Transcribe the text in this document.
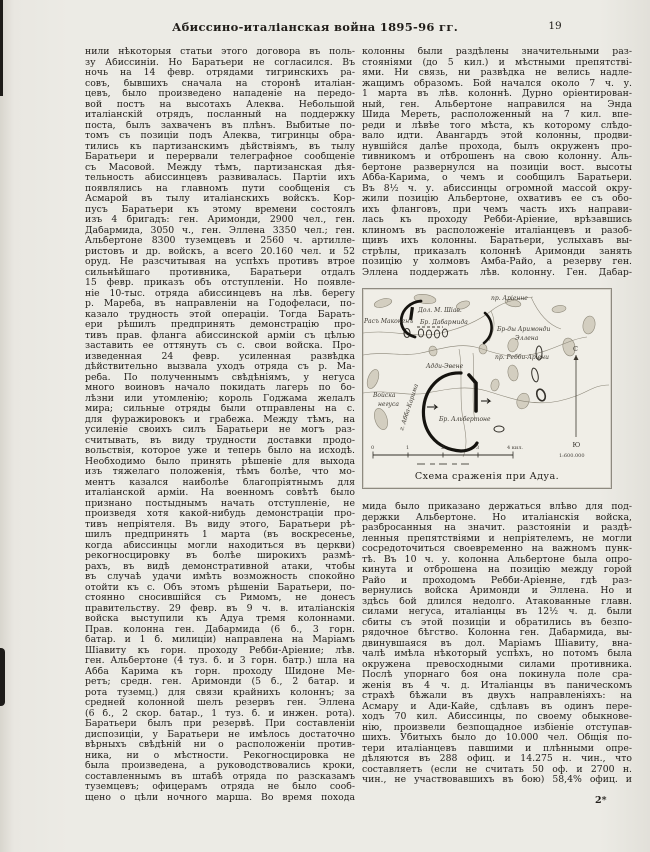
Абиссино-италіанская война 1895-96 гг.	19
нили нѣкоторыя статьи этого договора въ поль-
зу Абиссиніи. Но Баратьери не согласился. Въ
ночь на 14 февр. отрядами тигринскихъ ра-
совъ, бывшихъ сначала на сторонѣ италіан-
цевъ, было произведено нападеніе на передо-
вой постъ на высотахъ Алеква. Небольшой
италіанскій отрядъ, посланный на поддержку
поста, былъ захваченъ въ плѣнъ. Выбитые по-
томъ съ позиціи подъ Алеква, тигринцы обра-
тились къ партизанскимъ дѣйствіямъ, въ тылу
Баратьери и перервали телеграфное сообщеніе
съ Масовой. Между тѣмъ, партизанская дѣя-
тельность абиссинцевъ развивалась. Партіи ихъ
появлялись на главномъ пути сообщенія съ
Асмарой въ тылу италіанскихъ войскъ. Кор-
пусъ Баратьери къ этому времени состоялъ
изъ 4 бригадъ: ген. Аримонди, 2900 чел., ген.
Дабармида, 3050 ч., ген. Эллена 3350 чел.; ген.
Альбертоне 8300 туземцевъ и 2560 ч. артилле-
ристовъ и др. войскъ, а всего 20.160 чел. и 52
оруд. Не разсчитывая на успѣхъ противъ втрое
сильнѣйшаго противника, Баратьери отдалъ
15 февр. приказъ объ отступленіи. Но появле-
ніе 10-тыс. отряда абиссинцевъ на лѣв. берегу
р. Мареба, въ направленіи на Годофеласи, по-
казало трудность этой операціи. Тогда Барать-
ери рѣшилъ предпринять демонстрацію про-
тивъ прав. фланга абиссинской арміи съ цѣлью
заставить ее оттянуть съ с. свои войска. Про-
изведенная 24 февр. усиленная развѣдка
дѣйствительно вызвала уходъ отряда съ р. Ма-
реба. По полученнымъ свѣдѣніямъ, у негуса
много воиновъ начало покидать лагерь по бо-
лѣзни или утомленію; король Годжама желалъ
мира; сильные отряды были отправлены на с.
для фуражировокъ и грабежа. Между тѣмъ, на
усиленіе своихъ силъ Баратьери не могъ раз-
считывать, въ виду трудности доставки продо-
вольствія, которое уже и теперь было на исходѣ.
Необходимо было принять рѣшеніе для выхода
изъ тяжелаго положенія, тѣмъ болѣе, что мо-
ментъ казался наиболѣе благопріятнымъ для
италіанской арміи. На военномъ совѣтѣ было
признано постыднымъ начать отступленіе, не
произведя хотя какой-нибудь демонстраціи про-
тивъ непріятеля. Въ виду этого, Баратьери рѣ-
шилъ предпринять 1 марта (въ воскресенье,
когда абиссинцы могли находиться въ церкви)
рекогносцировку въ болѣе широкихъ размѣ-
рахъ, въ видѣ демонстративной атаки, чтобы
въ случаѣ удачи имѣть возможность спокойно
отойти къ с. Объ этомъ рѣшеніи Баратьери, по-
стоянно сносившійся съ Римомъ, не донесъ
правительству. 29 февр. въ 9 ч. в. италіанскія
войска выступили къ Адуа тремя колоннами.
Прав. колонна ген. Дабармида (6 б., 3 горн.
батар. и 1 б. милиціи) направлена на Маріамъ
Шіавиту къ горн. проходу Ребби-Аріение; лѣв.
ген. Альбертоне (4 туз. б. и 3 горн. батр.) шла на
Абба Карима къ горн. проходу Шидоне Ме-
ретъ; средн. ген. Аримонди (5 б., 2 батар. и
рота туземц.) для связи крайнихъ колоннъ; за
средней колонной шелъ резервъ ген. Эллена
(6 б., 2 скор. батар., 1 туз. б. и инжен. рота).
Баратьери былъ при резервѣ. При составленіи
диспозиціи, у Баратьери не имѣлось достаточно
вѣрныхъ свѣдѣній ни о расположеніи против-
ника, ни о мѣстности. Рекогносцировка не
была произведена, а руководствовались кроки,
составленнымъ въ штабѣ отряда по разсказамъ
туземцевъ; офицерамъ отряда не было сооб-
щено о цѣли ночного марша. Во время похода
колонны были раздѣлены значительными раз-
стояніями (до 5 кил.) и мѣстными препятстві-
ями. Ни связь, ни развѣдка не велись надле-
жащимъ образомъ. Бой начался около 7 ч. у.
1 марта въ лѣв. колоннѣ. Дурно оріентирован-
ный, ген. Альбертоне направился на Энда
Шида Мереть, расположенный на 7 кил. впе-
реди и лѣвѣе того мѣста, къ которому слѣдо-
вало идти. Авангардъ этой колонны, продви-
нувшійся далѣе прохода, былъ окруженъ про-
тивникомъ и отброшенъ на свою колонну. Аль-
бертоне развернулся на позиціи вост. высоты
Абба-Карима, о чемъ и сообщилъ Баратьери.
Въ 8½ ч. у. абиссинцы огромной массой окру-
жили позицію Альбертоне, охвативъ ее съ обо-
ихъ фланговъ, при чемъ часть ихъ направи-
лась къ проходу Ребби-Аріение, врѣзавшись
клиномъ въ расположеніе италіанцевъ и разоб-
щивъ ихъ колонны. Баратьери, услыхавъ вы-
стрѣлы, приказалъ колоннѣ Аримонди занять
позицію у холмовъ Амба-Райо, а резерву ген.
Эллена поддержать лѣв. колонну. Ген. Дабар-
Расъ Маконенъ
Дол. М. Шіав.
Бр. Дабармида
пр. Аріенне
Бр-ды Аримонди
Эллена
пр. Ребби-Аріени
Войска
негуса
Адди-Эвене
г. Абба-Карима	Бр. Альбертоне
С
Ю
0	1	2	3	4 кил.
1:600.000
Схема сраженія при Адуа.
мида было приказано держаться влѣво для под-
держки Альбертоне. Но италіанскія войска,
разбросанныя на значит. разстояніи и раздѣ-
ленныя препятствіями и непріятелемъ, не могли
сосредоточиться своевременно на важномъ пунк-
тѣ. Въ 10 ч. у. колонна Альбертоне была опро-
кинута и отброшена на позицію между горой
Райо и проходомъ Ребби-Аріенне, гдѣ раз-
вернулись войска Аримонди и Эллена. Но и
здѣсь бой длился недолго. Атакованные главн.
силами негуса, италіанцы въ 12½ ч. д. были
сбиты съ этой позиціи и обратились въ безпо-
рядочное бѣгство. Колонна ген. Дабармида, вы-
двинувшаяся въ дол. Маріамъ Шіавиту, вна-
чалѣ имѣла нѣкоторый успѣхъ, но потомъ была
окружена превосходными силами противника.
Послѣ упорнаго боя она покинула поле сра-
женія въ 4 ч. д. Италіанцы въ паническомъ
страхѣ бѣжали въ двухъ направленіяхъ: на
Асмару и Ади-Кайе, сдѣлавъ въ одинъ пере-
ходъ 70 кил. Абиссинцы, по своему обыкнове-
нію, произвели безпощадное избіеніе отступав-
шихъ. Убитыхъ было до 10.000 чел. Общія по-
тери италіанцевъ павшими и плѣнными опре-
дѣляются въ 288 офиц. и 14.275 н. чин., что
составляетъ (если не считать 50 оф. и 2700 н.
чин., не участвовавшихъ въ бою) 58,4% офиц. и
2*
